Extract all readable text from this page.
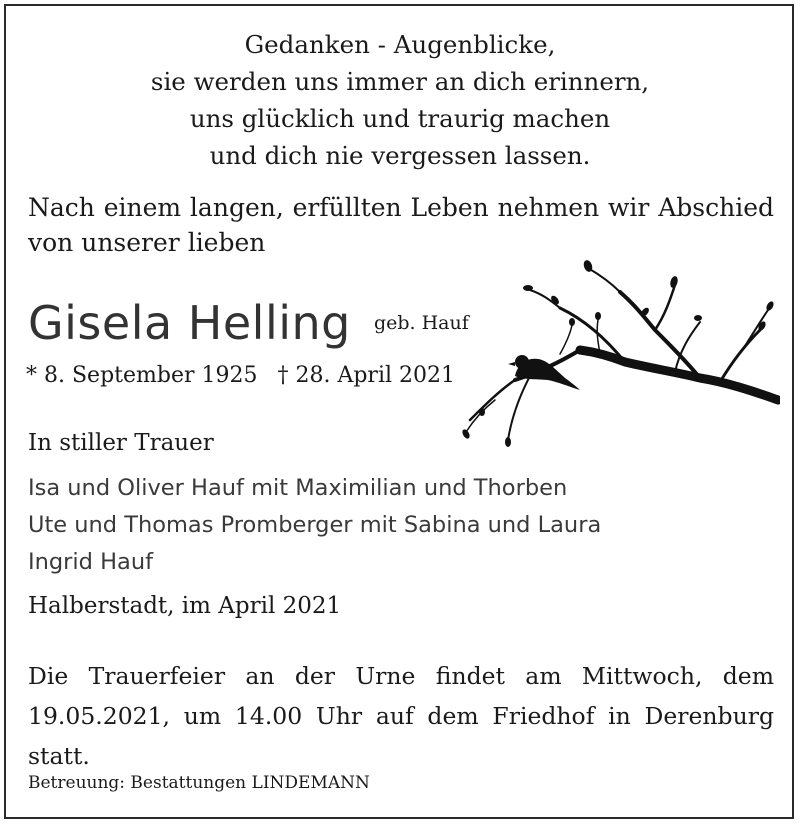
Gedanken - Augenblicke,
sie werden uns immer an dich erinnern,
uns glücklich und traurig machen
und dich nie vergessen lassen.
Nach einem langen, erfüllten Leben nehmen wir Abschied
von unserer lieben
Gisela Helling geb. Hauf
* 8. September 1925 † 28. April 2021
In stiller Trauer
Isa und Oliver Hauf mit Maximilian und Thorben
Ute und Thomas Promberger mit Sabina und Laura
Ingrid Hauf
Halberstadt, im April 2021
Die Trauerfeier an der Urne findet am Mittwoch, dem
19.05.2021, um 14.00 Uhr auf dem Friedhof in Derenburg
statt.
Betreuung: Bestattungen LINDEMANN
